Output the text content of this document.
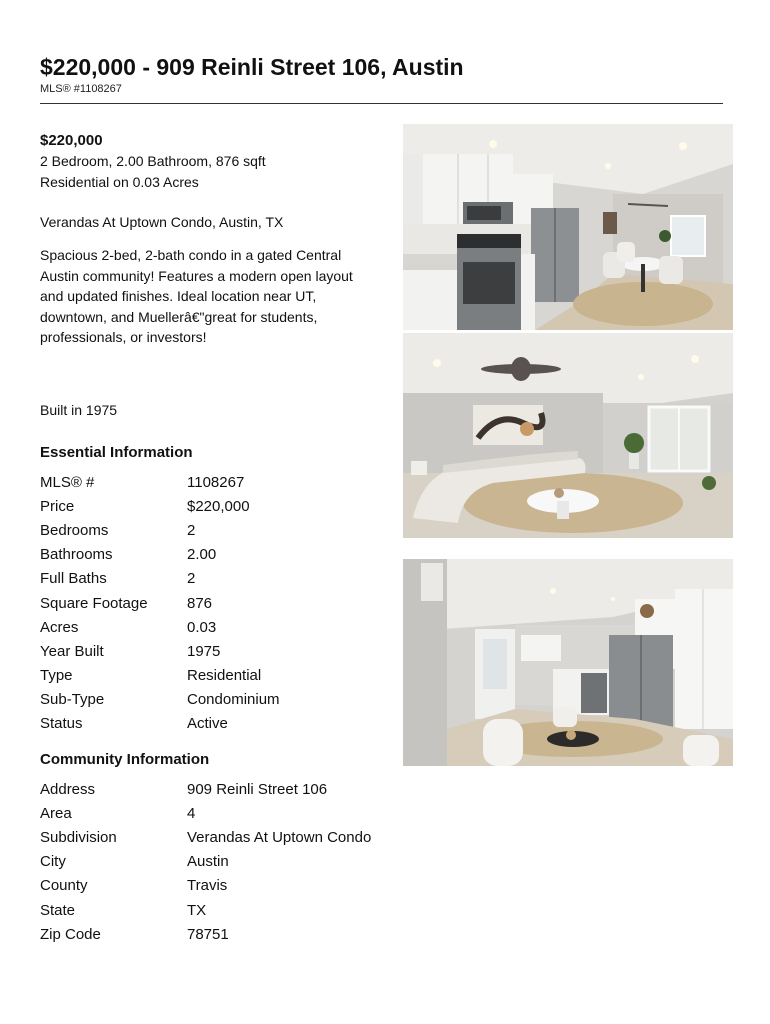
$220,000 - 909 Reinli Street 106, Austin
MLS® #1108267
$220,000
2 Bedroom, 2.00 Bathroom, 876 sqft
Residential on 0.03 Acres
Verandas At Uptown Condo, Austin, TX
Spacious 2-bed, 2-bath condo in a gated Central Austin community! Features a modern open layout and updated finishes. Ideal location near UT, downtown, and Muellerâ€"great for students, professionals, or investors!
Built in 1975
Essential Information
MLS® #	1108267
Price	$220,000
Bedrooms	2
Bathrooms	2.00
Full Baths	2
Square Footage	876
Acres	0.03
Year Built	1975
Type	Residential
Sub-Type	Condominium
Status	Active
Community Information
Address	909 Reinli Street 106
Area	4
Subdivision	Verandas At Uptown Condo
City	Austin
County	Travis
State	TX
Zip Code	78751
